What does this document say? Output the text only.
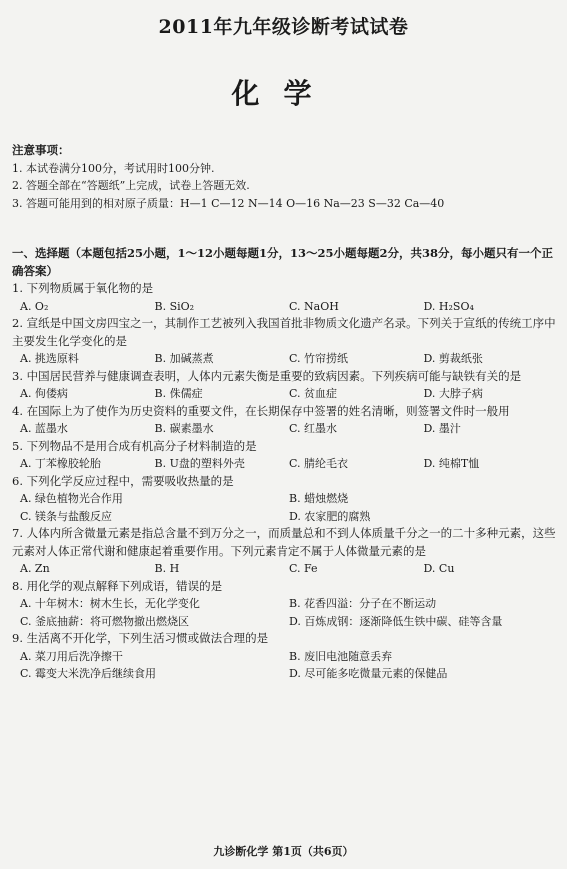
2011年九年级诊断考试试卷
化学
注意事项：
1. 本试卷满分100分，考试用时100分钟.
2. 答题全部在“答题纸”上完成，试卷上答题无效.
3. 答题可能用到的相对原子质量：H—1 C—12 N—14 O—16 Na—23 S—32 Ca—40
一、选择题（本题包括25小题，1～12小题每题1分，13～25小题每题2分，共38分，每小题只有一个正确答案）
1. 下列物质属于氧化物的是
A. O₂	B. SiO₂	C. NaOH	D. H₂SO₄
2. 宣纸是中国文房四宝之一，其制作工艺被列入我国首批非物质文化遗产名录。下列关于宣纸的传统工序中主要发生化学变化的是
A. 挑选原料	B. 加碱蒸煮	C. 竹帘捞纸	D. 剪裁纸张
3. 中国居民营养与健康调查表明，人体内元素失衡是重要的致病因素。下列疾病可能与缺铁有关的是
A. 佝偻病	B. 侏儒症	C. 贫血症	D. 大脖子病
4. 在国际上为了使作为历史资料的重要文件，在长期保存中签署的姓名清晰，则签署文件时一般用
A. 蓝墨水	B. 碳素墨水	C. 红墨水	D. 墨汁
5. 下列物品不是用合成有机高分子材料制造的是
A. 丁苯橡胶轮胎	B. U盘的塑料外壳	C. 腈纶毛衣	D. 纯棉T恤
6. 下列化学反应过程中，需要吸收热量的是
A. 绿色植物光合作用	B. 蜡烛燃烧
C. 镁条与盐酸反应	D. 农家肥的腐熟
7. 人体内所含微量元素是指总含量不到万分之一，而质量总和不到人体质量千分之一的二十多种元素，这些元素对人体正常代谢和健康起着重要作用。下列元素肯定不属于人体微量元素的是
A. Zn	B. H	C. Fe	D. Cu
8. 用化学的观点解释下列成语，错误的是
A. 十年树木：树木生长，无化学变化	B. 花香四溢：分子在不断运动
C. 釜底抽薪：将可燃物撤出燃烧区	D. 百炼成钢：逐渐降低生铁中碳、硅等含量
9. 生活离不开化学，下列生活习惯或做法合理的是
A. 菜刀用后洗净擦干	B. 废旧电池随意丢弃
C. 霉变大米洗净后继续食用	D. 尽可能多吃微量元素的保健品
九诊断化学 第1页（共6页）
